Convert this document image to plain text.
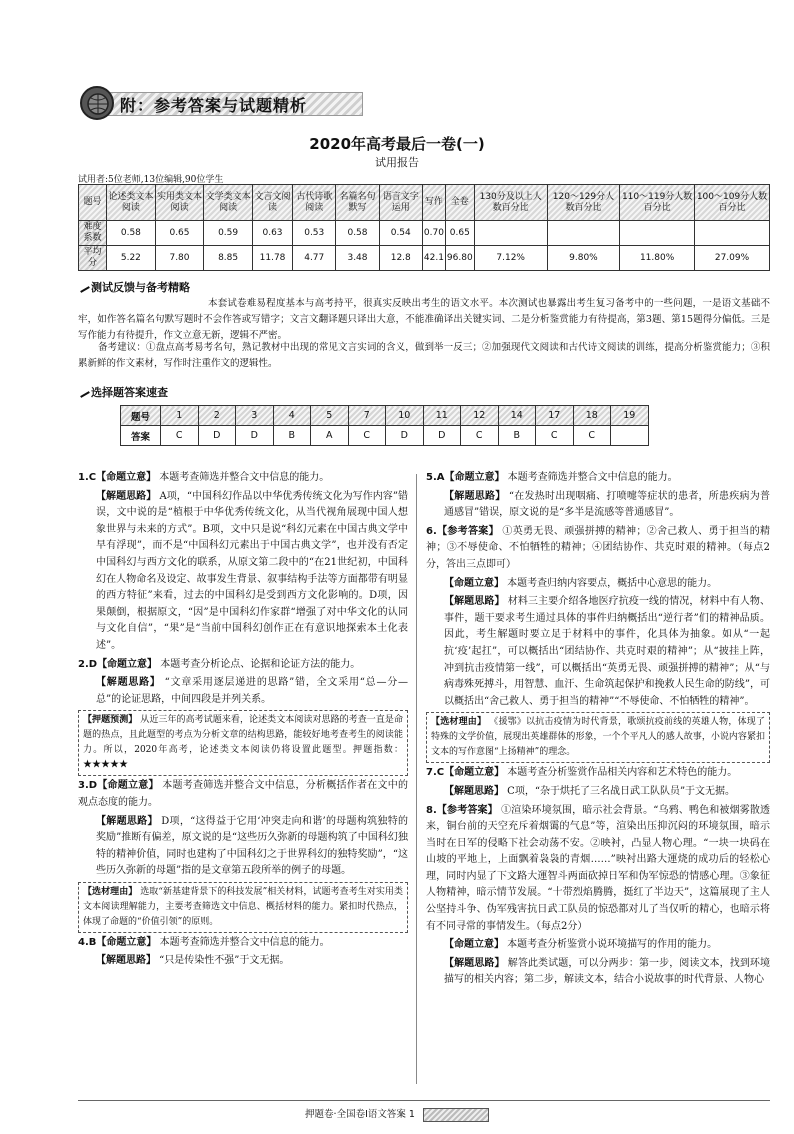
附：参考答案与试题精析
2020年高考最后一卷(一)
试用报告
试用者:5位老师,13位编辑,90位学生
题号	论述类文本阅读	实用类文本阅读	文学类文本阅读	文言文阅读	古代诗歌阅读	名篇名句默写	语言文字运用	写作	全卷	130分及以上人数百分比	120～129分人数百分比	110～119分人数百分比	100～109分人数百分比
难度系数	0.58	0.65	0.59	0.63	0.53	0.58	0.54	0.70	0.65				
平均分	5.22	7.80	8.85	11.78	4.77	3.48	12.8	42.1	96.80	7.12%	9.80%	11.80%	27.09%
测试反馈与备考精略
本套试卷难易程度基本与高考持平，很真实反映出考生的语文水平。本次测试也暴露出考生复习备考中的一些问题，一是语文基础不牢，如作答名篇名句默写题时不会作答或写错字；文言文翻译题只译出大意，不能准确译出关键实词、二是分析鉴赏能力有待提高，第3题、第15题得分偏低。三是写作能力有待提升，作文立意无新，逻辑不严密。
备考建议：①盘点高考易考名句，熟记教材中出现的常见文言实词的含义，做到举一反三；②加强现代文阅读和古代诗文阅读的训练，提高分析鉴赏能力；③积累新鲜的作文素材，写作时注重作文的逻辑性。
选择题答案速查
题号	1	2	3	4	5	7	10	11	12	14	17	18	19
答案	C	D	D	B	A	C	D	D	C	B	C	C	
1.C【命题立意】 本题考查筛选并整合文中信息的能力。
【解题思路】 A项，“中国科幻作品以中华优秀传统文化为写作内容”错误，文中说的是“植根于中华优秀传统文化，从当代视角展现中国人想象世界与未来的方式”。B项，文中只是说“科幻元素在中国古典文学中早有浮现”，而不是“中国科幻元素出于中国古典文学”，也并没有否定中国科幻与西方文化的联系，从原文第二段中的“在21世纪初，中国科幻在人物命名及设定、故事发生背景、叙事结构手法等方面都带有明显的西方特征”来看，过去的中国科幻是受到西方文化影响的。D项，因果颠倒，根据原文，“因”是中国科幻作家群“增强了对中华文化的认同与文化自信”，“果”是“当前中国科幻创作正在有意识地探索本土化表述”。
2.D【命题立意】 本题考查分析论点、论据和论证方法的能力。
【解题思路】 “文章采用逐层递进的思路”错，全文采用“总—分—总”的论证思路，中间四段是并列关系。
【押题预测】 从近三年的高考试题来看，论述类文本阅读对思路的考查一直是命题的热点，且此题型的考点为分析文章的结构思路，能较好地考查考生的阅读能力。所以，2020年高考，论述类文本阅读仍将设置此题型。押题指数：★★★★★
3.D【命题立意】 本题考查筛选并整合文中信息，分析概括作者在文中的观点态度的能力。
【解题思路】 D项，“这得益于它用‘冲突走向和谐’的母题构筑独特的奖励”推断有偏差，原文说的是“这些历久弥新的母题构筑了中国科幻独特的精神价值，同时也建构了中国科幻之于世界科幻的独特奖励”，“这些历久弥新的母题”指的是文章第五段所举的例子的母题。
【选材理由】 选取“新基建背景下的科技发展”相关材料，试题考查考生对实用类文本阅读理解能力，主要考查筛选文中信息、概括材料的能力。紧扣时代热点，体现了命题的“价值引领”的原则。
4.B【命题立意】 本题考查筛选并整合文中信息的能力。
【解题思路】 “只是传染性不强”于文无据。
5.A【命题立意】 本题考查筛选并整合文中信息的能力。
【解题思路】 “在发热时出现咽痛、打喷嚏等症状的患者，所患疾病为普通感冒”错误，原文说的是“多半是流感等普通感冒”。
6.【参考答案】 ①英勇无畏、顽强拼搏的精神；②舍己救人、勇于担当的精神；③不辱使命、不怕牺牲的精神；④团结协作、共克时艰的精神。（每点2分，答出三点即可）
【命题立意】 本题考查归纳内容要点，概括中心意思的能力。
【解题思路】 材料三主要介绍各地医疗抗疫一线的情况，材料中有人物、事件，题干要求考生通过具体的事件归纳概括出“逆行者”们的精神品质。因此，考生解题时要立足于材料中的事件，化具体为抽象。如从“一起抗‘疫’起扛”，可以概括出“团结协作、共克时艰的精神”；从“披挂上阵，冲到抗击疫情第一线”，可以概括出“英勇无畏、顽强拼搏的精神”；从“与病毒殊死搏斗，用智慧、血汗、生命筑起保护和挽救人民生命的防线”，可以概括出“舍己救人、勇于担当的精神”“不辱使命、不怕牺牲的精神”。
【选材理由】 《援鄂》以抗击疫情为时代背景，歌颂抗疫前线的英雄人物，体现了特殊的文学价值，展现出英雄群体的形象，一个个平凡人的感人故事，小说内容紧扣文本的写作意图“上扬精神”的理念。
7.C【命题立意】 本题考查分析鉴赏作品相关内容和艺术特色的能力。
【解题思路】 C项，“杂于烘托了三名战日武工队队员”于文无据。
8.【参考答案】 ①渲染环境氛围，暗示社会背景。“乌鸦、鸭色和被烟雾散透来，铜台前的天空充斥着烟霭的气息”等，渲染出压抑沉闷的环境氛围，暗示当时在日军的侵略下社会动荡不安。②映衬，凸显人物心理。“一块一块码在山坡的平地上，上面飘着袅袅的青烟……”映衬出路大運烧的成功后的轻松心理，同时内显了下文路大運智斗两面砍掉日军和伪军惊恐的情感心理。③象征人物精神，暗示情节发展。“十带烈焰腾腾，挺红了半边天”，这篇展现了主人公坚持斗争、伪军残害抗日武工队员的惊恐都对儿了当仅听的精心，也暗示将有不同寻常的事情发生。（每点2分）
【命题立意】 本题考查分析鉴赏小说环境描写的作用的能力。
【解题思路】 解答此类试题，可以分两步：第一步，阅读文本，找到环境描写的相关内容；第二步，解读文本，结合小说故事的时代背景、人物心
押题卷·全国卷Ⅰ语文答案 1
